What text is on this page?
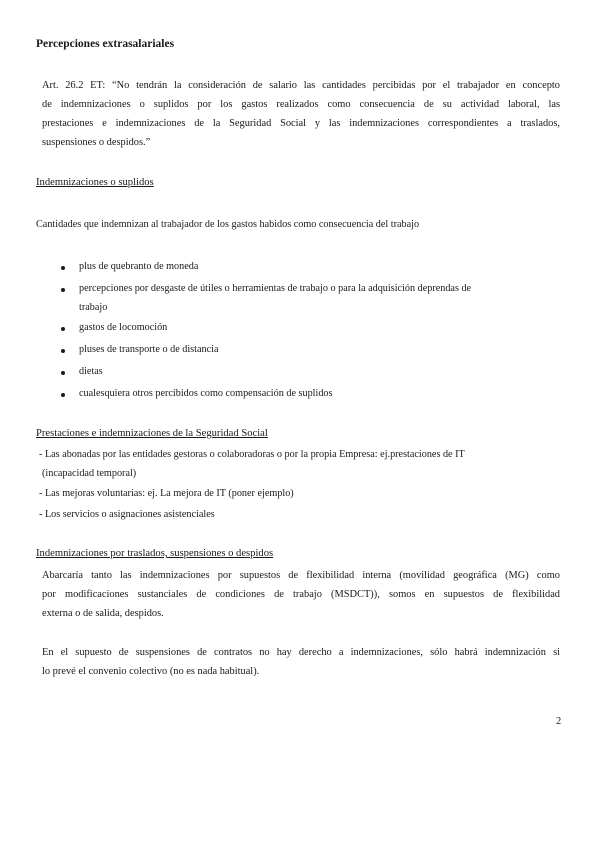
Percepciones extrasalariales
Art. 26.2 ET: “No tendrán la consideración de salario las cantidades percibidas por el trabajador en concepto
de indemnizaciones o suplidos por los gastos realizados como consecuencia de su actividad laboral, las
prestaciones e indemnizaciones de la Seguridad Social y las indemnizaciones correspondientes a traslados,
suspensiones o despidos.”
Indemnizaciones o suplidos
Cantidades que indemnizan al trabajador de los gastos habidos como consecuencia del trabajo
plus de quebranto de moneda
percepciones por desgaste de útiles o herramientas de trabajo o para la adquisición deprendas de
trabajo
gastos de locomoción
pluses de transporte o de distancia
dietas
cualesquiera otros percibidos como compensación de suplidos
Prestaciones e indemnizaciones de la Seguridad Social
- Las abonadas por las entidades gestoras o colaboradoras o por la propia Empresa: ej.prestaciones de IT
(incapacidad temporal)
- Las mejoras voluntarias: ej. La mejora de IT (poner ejemplo)
- Los servicios o asignaciones asistenciales
Indemnizaciones por traslados, suspensiones o despidos
Abarcaría tanto las indemnizaciones por supuestos de flexibilidad interna (movilidad geográfica (MG) como
por modificaciones sustanciales de condiciones de trabajo (MSDCT)), somos en supuestos de flexibilidad
externa o de salida, despidos.
En el supuesto de suspensiones de contratos no hay derecho a indemnizaciones, sólo habrá indemnización si
lo prevé el convenio colectivo (no es nada habitual).
2
